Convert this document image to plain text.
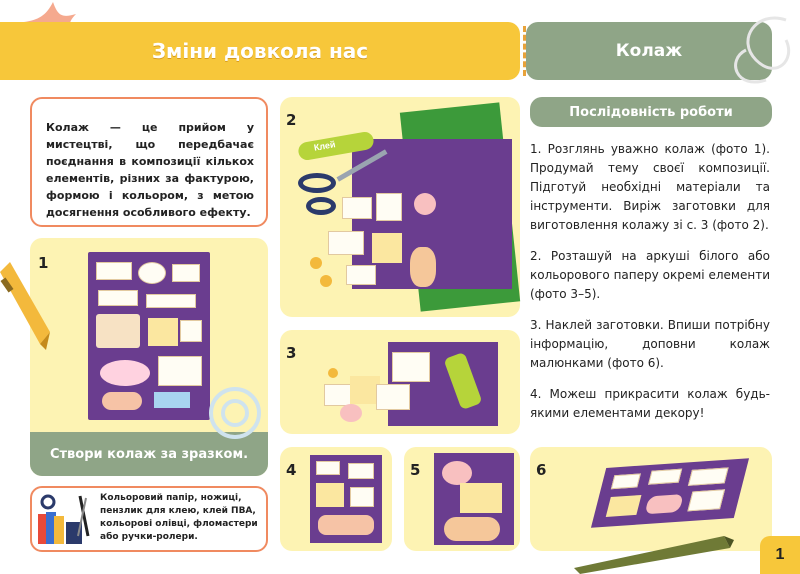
Зміни довкола нас	Колаж
Колаж — це прийом у мистецтві, що передбачає поєднання в композиції кількох елементів, різних за фактурою, формою і кольором, з метою досягнення особливого ефекту.
1
Створи колаж за зразком.
2
Клей
3
4	5	6
Кольоровий папір, ножиці, пензлик для клею, клей ПВА, кольорові олівці, фломастери або ручки-ролери.
Послідовність роботи

1. Розглянь уважно колаж (фото 1). Продумай тему своєї композиції. Підготуй необхідні матеріали та інструменти. Виріж заготовки для виготовлення колажу зі с. 3 (фото 2).

2. Розташуй на аркуші білого або кольорового паперу окремі елементи (фото 3–5).

3. Наклей заготовки. Впиши потрібну інформацію, доповни колаж малюнками (фото 6).

4. Можеш прикрасити колаж будь-якими елементами декору!

1
